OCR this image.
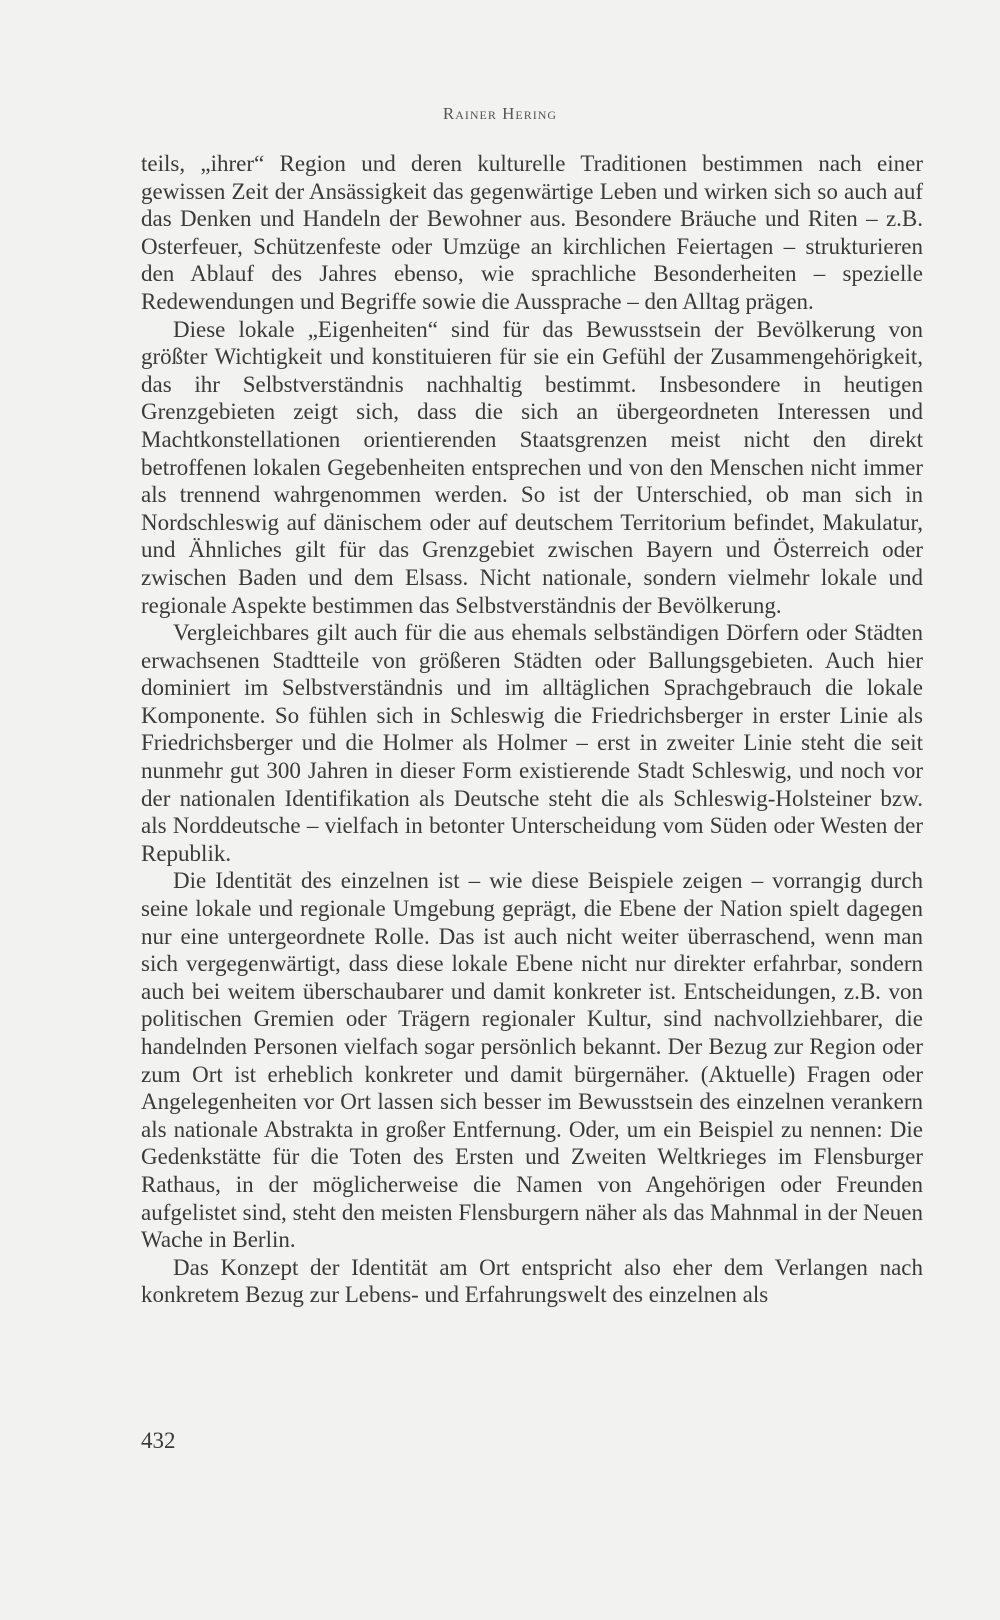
Rainer Hering

teils, „ihrer“ Region und deren kulturelle Traditionen bestimmen nach einer gewissen Zeit der Ansässigkeit das gegenwärtige Leben und wirken sich so auch auf das Denken und Handeln der Bewohner aus. Besondere Bräuche und Riten – z.B. Osterfeuer, Schützenfeste oder Umzüge an kirchlichen Feiertagen – strukturieren den Ablauf des Jahres ebenso, wie sprachliche Besonderheiten – spezielle Redewendungen und Begriffe sowie die Aussprache – den Alltag prägen.

Diese lokale „Eigenheiten“ sind für das Bewusstsein der Bevölkerung von größter Wichtigkeit und konstituieren für sie ein Gefühl der Zusammengehörigkeit, das ihr Selbstverständnis nachhaltig bestimmt. Insbesondere in heutigen Grenzgebieten zeigt sich, dass die sich an übergeordneten Interessen und Machtkonstellationen orientierenden Staatsgrenzen meist nicht den direkt betroffenen lokalen Gegebenheiten entsprechen und von den Menschen nicht immer als trennend wahrgenommen werden. So ist der Unterschied, ob man sich in Nordschleswig auf dänischem oder auf deutschem Territorium befindet, Makulatur, und Ähnliches gilt für das Grenzgebiet zwischen Bayern und Österreich oder zwischen Baden und dem Elsass. Nicht nationale, sondern vielmehr lokale und regionale Aspekte bestimmen das Selbstverständnis der Bevölkerung.

Vergleichbares gilt auch für die aus ehemals selbständigen Dörfern oder Städten erwachsenen Stadtteile von größeren Städten oder Ballungsgebieten. Auch hier dominiert im Selbstverständnis und im alltäglichen Sprachgebrauch die lokale Komponente. So fühlen sich in Schleswig die Friedrichsberger in erster Linie als Friedrichsberger und die Holmer als Holmer – erst in zweiter Linie steht die seit nunmehr gut 300 Jahren in dieser Form existierende Stadt Schleswig, und noch vor der nationalen Identifikation als Deutsche steht die als Schleswig-Holsteiner bzw. als Norddeutsche – vielfach in betonter Unterscheidung vom Süden oder Westen der Republik.

Die Identität des einzelnen ist – wie diese Beispiele zeigen – vorrangig durch seine lokale und regionale Umgebung geprägt, die Ebene der Nation spielt dagegen nur eine untergeordnete Rolle. Das ist auch nicht weiter überraschend, wenn man sich vergegenwärtigt, dass diese lokale Ebene nicht nur direkter erfahrbar, sondern auch bei weitem überschaubarer und damit konkreter ist. Entscheidungen, z.B. von politischen Gremien oder Trägern regionaler Kultur, sind nachvollziehbarer, die handelnden Personen vielfach sogar persönlich bekannt. Der Bezug zur Region oder zum Ort ist erheblich konkreter und damit bürgernäher. (Aktuelle) Fragen oder Angelegenheiten vor Ort lassen sich besser im Bewusstsein des einzelnen verankern als nationale Abstrakta in großer Entfernung. Oder, um ein Beispiel zu nennen: Die Gedenkstätte für die Toten des Ersten und Zweiten Weltkrieges im Flensburger Rathaus, in der möglicherweise die Namen von Angehörigen oder Freunden aufgelistet sind, steht den meisten Flensburgern näher als das Mahnmal in der Neuen Wache in Berlin.

Das Konzept der Identität am Ort entspricht also eher dem Verlangen nach konkretem Bezug zur Lebens- und Erfahrungswelt des einzelnen als

432
